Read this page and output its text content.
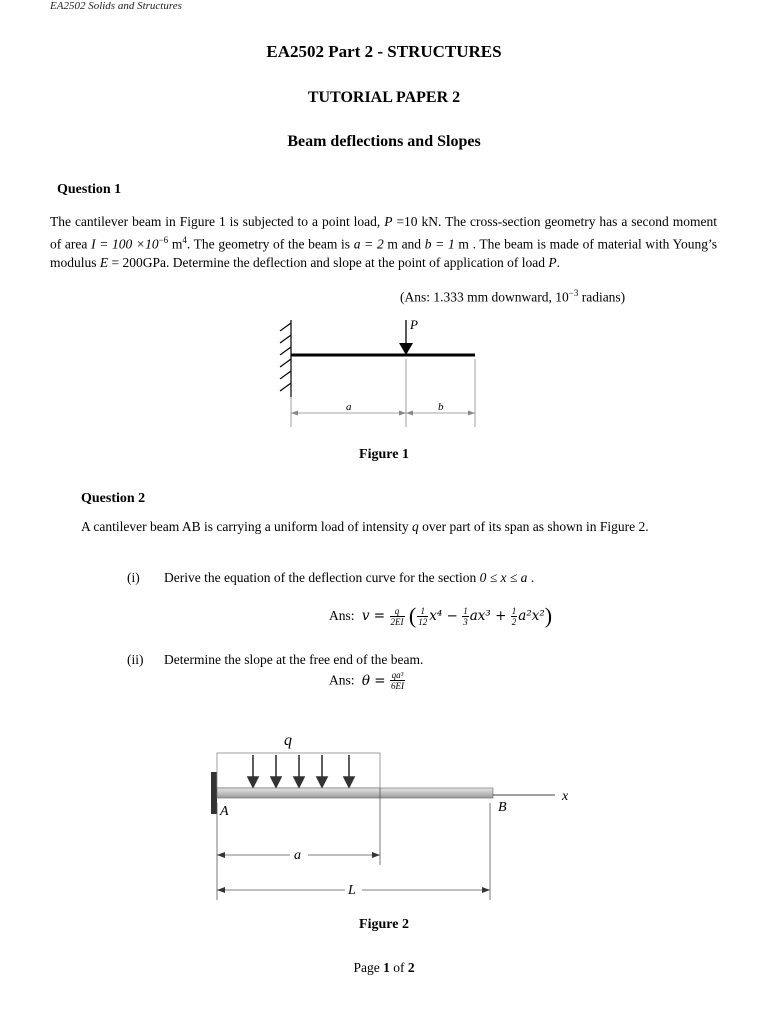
EA2502 Solids and Structures
EA2502 Part 2 - STRUCTURES
TUTORIAL PAPER 2
Beam deflections and Slopes
Question 1
The cantilever beam in Figure 1 is subjected to a point load, P =10 kN. The cross-section geometry has a second moment of area $I = 100 \times 10^{-6}$ $m^4$. The geometry of the beam is a = 2 m and b = 1 m . The beam is made of material with Young’s modulus E = 200GPa. Determine the deflection and slope at the point of application of load P.
(Ans: 1.333 mm downward, $10^{-3}$ radians)
P
a	b
Figure 1
Question 2
A cantilever beam AB is carrying a uniform load of intensity q over part of its span as shown in Figure 2.
(i) Derive the equation of the deflection curve for the section 0 ≤ x ≤ a .
Ans: $v = \frac{q}{2EI}$ ( $\frac{1}{12} x^4 - \frac{1}{3} ax^3 + \frac{1}{2} a^2x^2$)
(ii) Determine the slope at the free end of the beam.
Ans: $\theta = \frac{\text{qa³}}{6EI}$
q
A	B
x
a
L
Figure 2
Page 1 of 2
